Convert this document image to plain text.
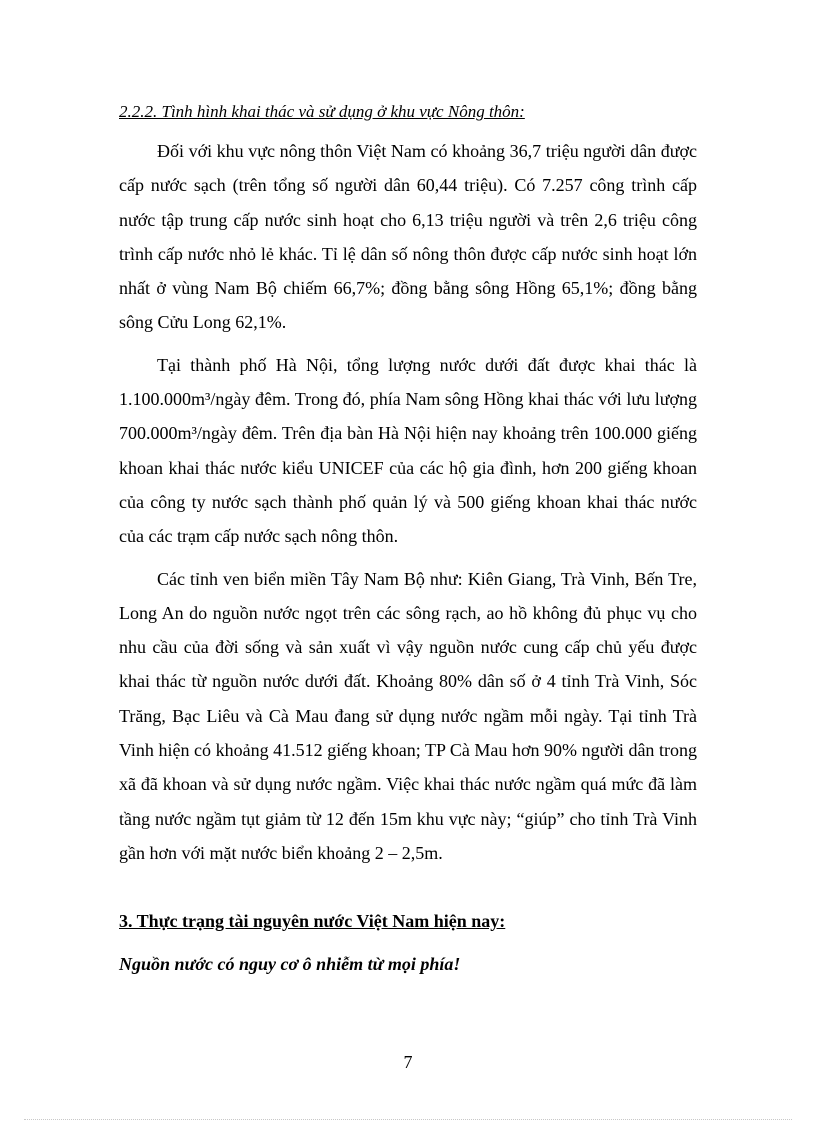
2.2.2. Tình hình khai thác và sử dụng ở khu vực Nông thôn:

Đối với khu vực nông thôn Việt Nam có khoảng 36,7 triệu người dân được cấp nước sạch (trên tổng số người dân 60,44 triệu). Có 7.257 công trình cấp nước tập trung cấp nước sinh hoạt cho 6,13 triệu người và trên 2,6 triệu công trình cấp nước nhỏ lẻ khác. Tỉ lệ dân số nông thôn được cấp nước sinh hoạt lớn nhất ở vùng Nam Bộ chiếm 66,7%; đồng bằng sông Hồng 65,1%; đồng bằng sông Cửu Long 62,1%.

Tại thành phố Hà Nội, tổng lượng nước dưới đất được khai thác là 1.100.000m³/ngày đêm. Trong đó, phía Nam sông Hồng khai thác với lưu lượng 700.000m³/ngày đêm. Trên địa bàn Hà Nội hiện nay khoảng trên 100.000 giếng khoan khai thác nước kiểu UNICEF của các hộ gia đình, hơn 200 giếng khoan của công ty nước sạch thành phố quản lý và 500 giếng khoan khai thác nước của các trạm cấp nước sạch nông thôn.

Các tỉnh ven biển miền Tây Nam Bộ như: Kiên Giang, Trà Vinh, Bến Tre, Long An do nguồn nước ngọt trên các sông rạch, ao hồ không đủ phục vụ cho nhu cầu của đời sống và sản xuất vì vậy nguồn nước cung cấp chủ yếu được khai thác từ nguồn nước dưới đất. Khoảng 80% dân số ở 4 tỉnh Trà Vinh, Sóc Trăng, Bạc Liêu và Cà Mau đang sử dụng nước ngầm mỗi ngày. Tại tỉnh Trà Vinh hiện có khoảng 41.512 giếng khoan; TP Cà Mau hơn 90% người dân trong xã đã khoan và sử dụng nước ngầm. Việc khai thác nước ngầm quá mức đã làm tầng nước ngầm tụt giảm từ 12 đến 15m khu vực này; “giúp” cho tỉnh Trà Vinh gần hơn với mặt nước biển khoảng 2 – 2,5m.

3. Thực trạng tài nguyên nước Việt Nam hiện nay:
Nguồn nước có nguy cơ ô nhiễm từ mọi phía!
7
